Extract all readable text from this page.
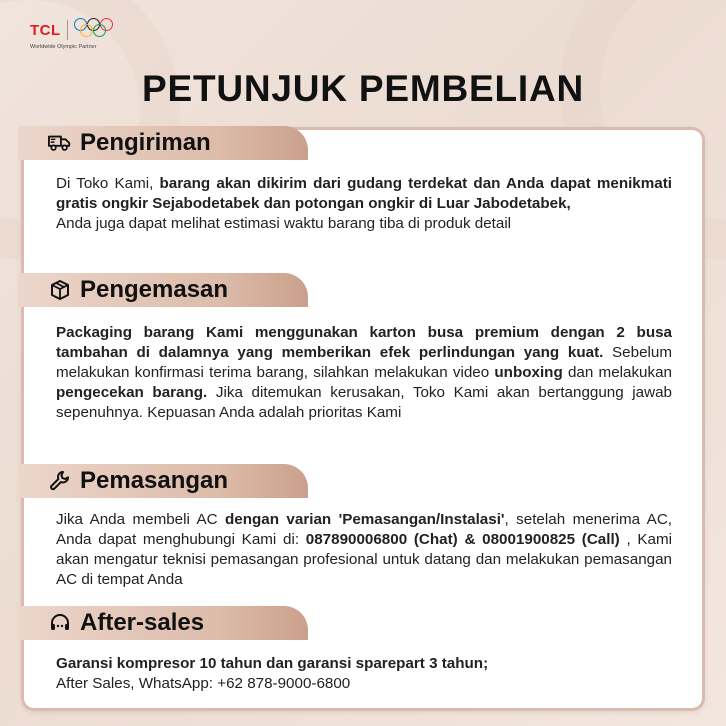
TCL
Worldwide Olympic Partner
PETUNJUK PEMBELIAN
Pengiriman
Di Toko Kami, barang akan dikirim dari gudang terdekat dan Anda dapat menikmati gratis ongkir Sejabodetabek dan potongan ongkir di Luar Jabodetabek,
Anda juga dapat melihat estimasi waktu barang tiba di produk detail
Pengemasan
Packaging barang Kami menggunakan karton busa premium dengan 2 busa tambahan di dalamnya yang memberikan efek perlindungan yang kuat. Sebelum melakukan konfirmasi terima barang, silahkan melakukan video unboxing dan melakukan pengecekan barang. Jika ditemukan kerusakan, Toko Kami akan bertanggung jawab sepenuhnya. Kepuasan Anda adalah prioritas Kami
Pemasangan
Jika Anda membeli AC dengan varian 'Pemasangan/Instalasi', setelah menerima AC, Anda dapat menghubungi Kami di: 087890006800 (Chat) & 08001900825 (Call) , Kami akan mengatur teknisi pemasangan profesional untuk datang dan melakukan pemasangan AC di tempat Anda
After-sales
Garansi kompresor 10 tahun dan garansi sparepart 3 tahun;
After Sales, WhatsApp: +62 878-9000-6800
